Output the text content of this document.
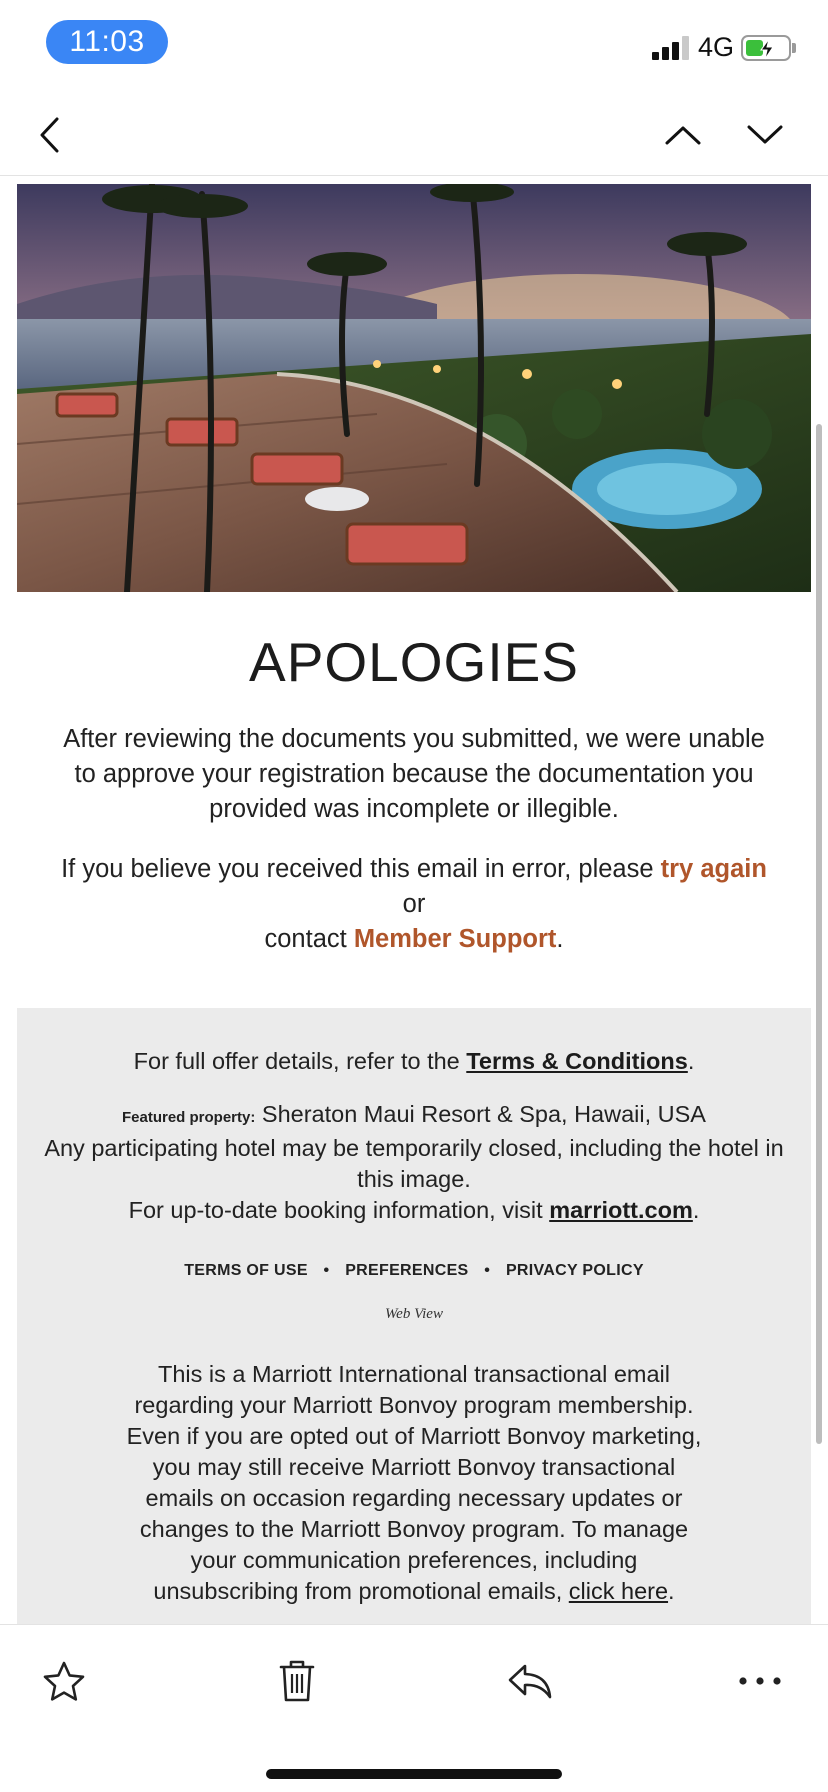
11:03	4G
APOLOGIES

After reviewing the documents you submitted, we were unable to approve your registration because the documentation you provided was incomplete or illegible.

If you believe you received this email in error, please try again
or
contact Member Support.

For full offer details, refer to the Terms & Conditions.

Featured property: Sheraton Maui Resort & Spa, Hawaii, USA

Any participating hotel may be temporarily closed, including the hotel in this image.

For up-to-date booking information, visit marriott.com.

TERMS OF USE • PREFERENCES • PRIVACY POLICY
Web View

This is a Marriott International transactional email regarding your Marriott Bonvoy program membership. Even if you are opted out of Marriott Bonvoy marketing, you may still receive Marriott Bonvoy transactional emails on occasion regarding necessary updates or changes to the Marriott Bonvoy program. To manage your communication preferences, including unsubscribing from promotional emails, click here.
